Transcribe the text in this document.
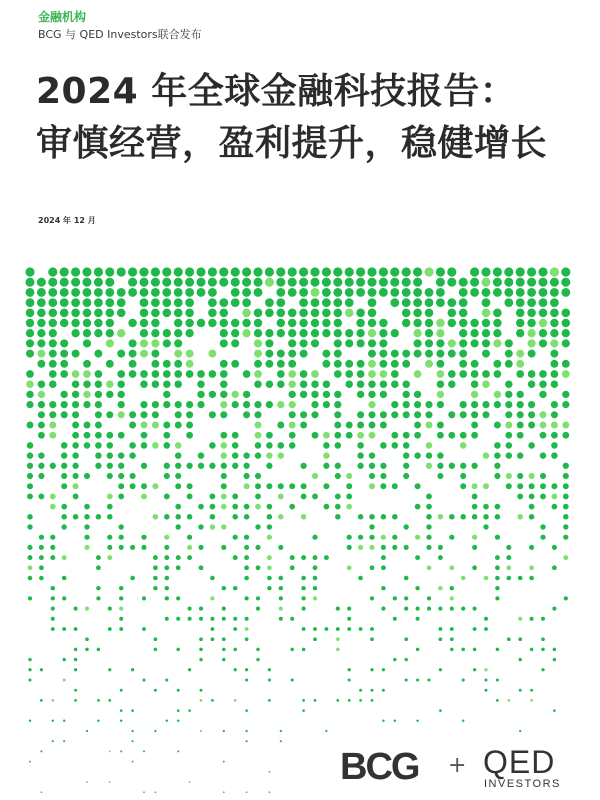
金融机构
BCG 与 QED Investors联合发布
2024 年全球金融科技报告：
审慎经营，盈利提升，稳健增长
2024 年 12 月
BCG + QED
INVESTORS
